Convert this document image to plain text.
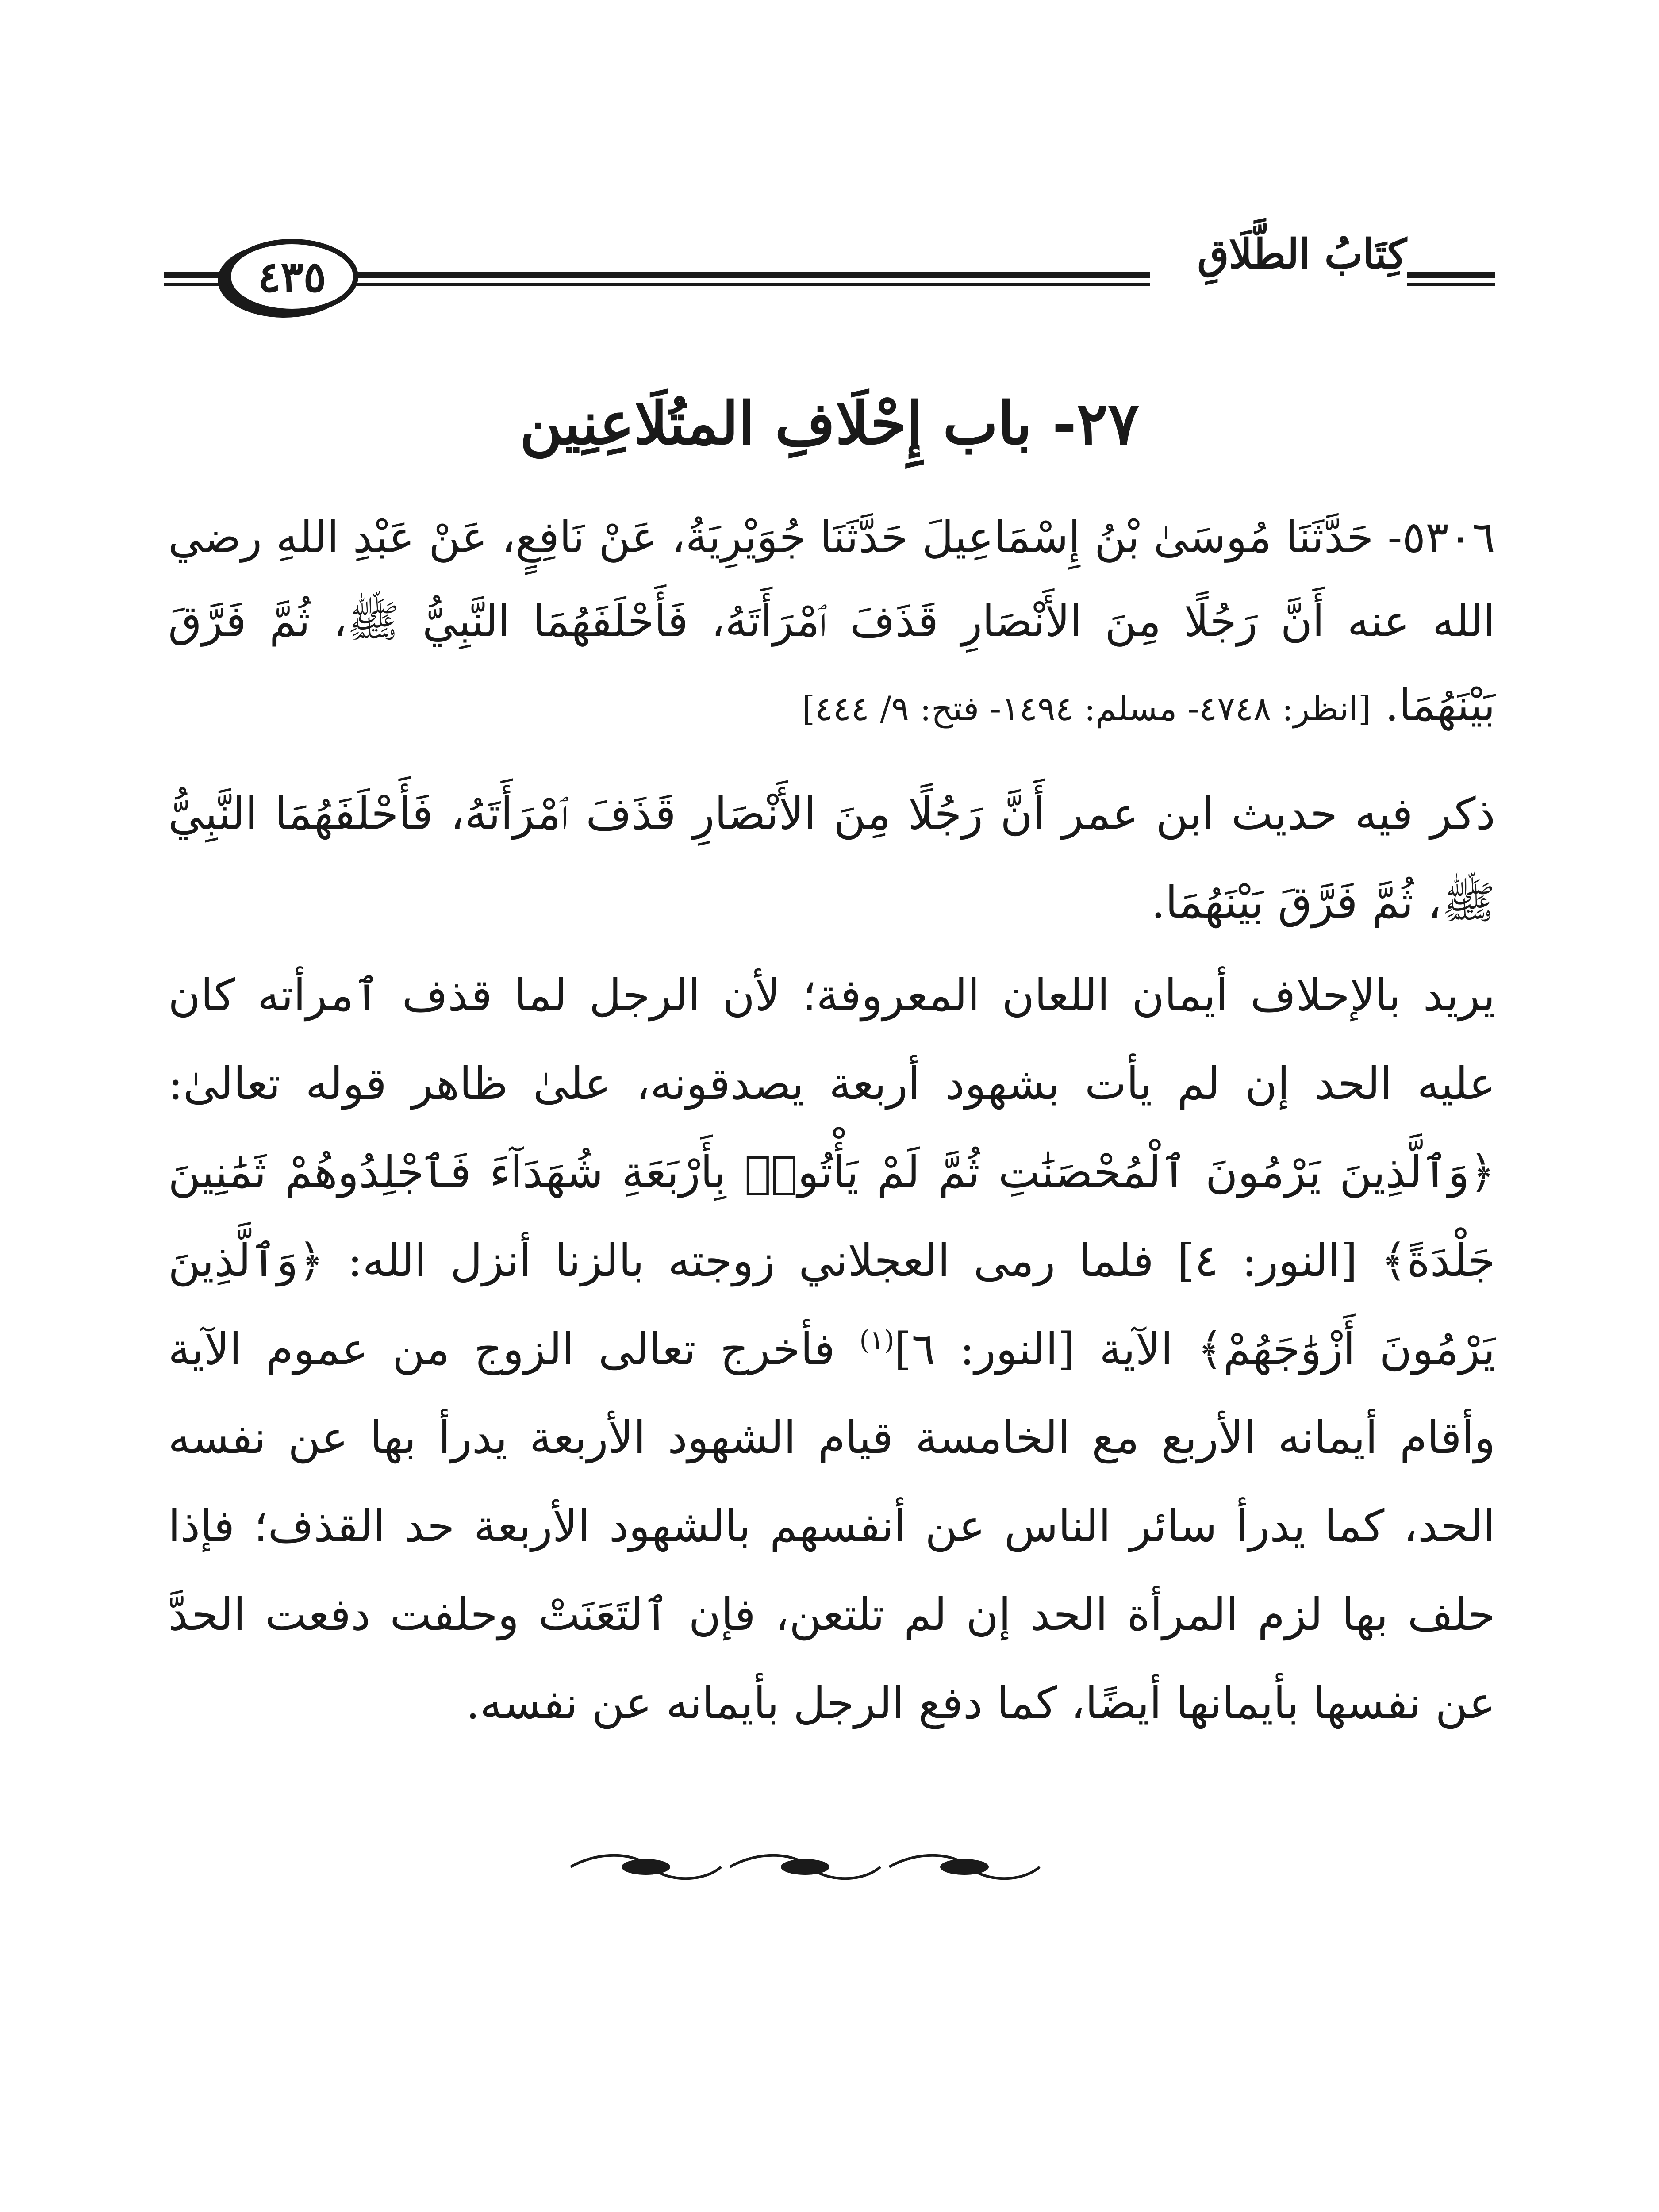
كِتَابُ الطَّلَاقِ
٤٣٥
٢٧- باب إِحْلَافِ المتُلَاعِنِين
٥٣٠٦- حَدَّثَنَا مُوسَىٰ بْنُ إِسْمَاعِيلَ حَدَّثَنَا جُوَيْرِيَةُ، عَنْ نَافِعٍ، عَنْ عَبْدِ اللهِ رضي الله عنه أَنَّ رَجُلًا مِنَ الأَنْصَارِ قَذَفَ ٱمْرَأَتَهُ، فَأَحْلَفَهُمَا النَّبِيُّ ﷺ، ثُمَّ فَرَّقَ بَيْنَهُمَا. [انظر: ٤٧٤٨- مسلم: ١٤٩٤- فتح: ٩/ ٤٤٤]
ذكر فيه حديث ابن عمر أَنَّ رَجُلًا مِنَ الأَنْصَارِ قَذَفَ ٱمْرَأَتَهُ، فَأَحْلَفَهُمَا النَّبِيُّ ﷺ، ثُمَّ فَرَّقَ بَيْنَهُمَا.
يريد بالإحلاف أيمان اللعان المعروفة؛ لأن الرجل لما قذف ٱمرأته كان عليه الحد إن لم يأت بشهود أربعة يصدقونه، علىٰ ظاهر قوله تعالىٰ: ﴿وَٱلَّذِينَ يَرْمُونَ ٱلْمُحْصَنَٰتِ ثُمَّ لَمْ يَأْتُوا۟ بِأَرْبَعَةِ شُهَدَآءَ فَٱجْلِدُوهُمْ ثَمَٰنِينَ جَلْدَةً﴾ [النور: ٤] فلما رمى العجلاني زوجته بالزنا أنزل الله: ﴿وَٱلَّذِينَ يَرْمُونَ أَزْوَٰجَهُمْ﴾ الآية [النور: ٦]$^{(١)}$ فأخرج تعالى الزوج من عموم الآية وأقام أيمانه الأربع مع الخامسة قيام الشهود الأربعة يدرأ بها عن نفسه الحد، كما يدرأ سائر الناس عن أنفسهم بالشهود الأربعة حد القذف؛ فإذا حلف بها لزم المرأة الحد إن لم تلتعن، فإن ٱلتَعَنَتْ وحلفت دفعت الحدَّ عن نفسها بأيمانها أيضًا، كما دفع الرجل بأيمانه عن نفسه.
